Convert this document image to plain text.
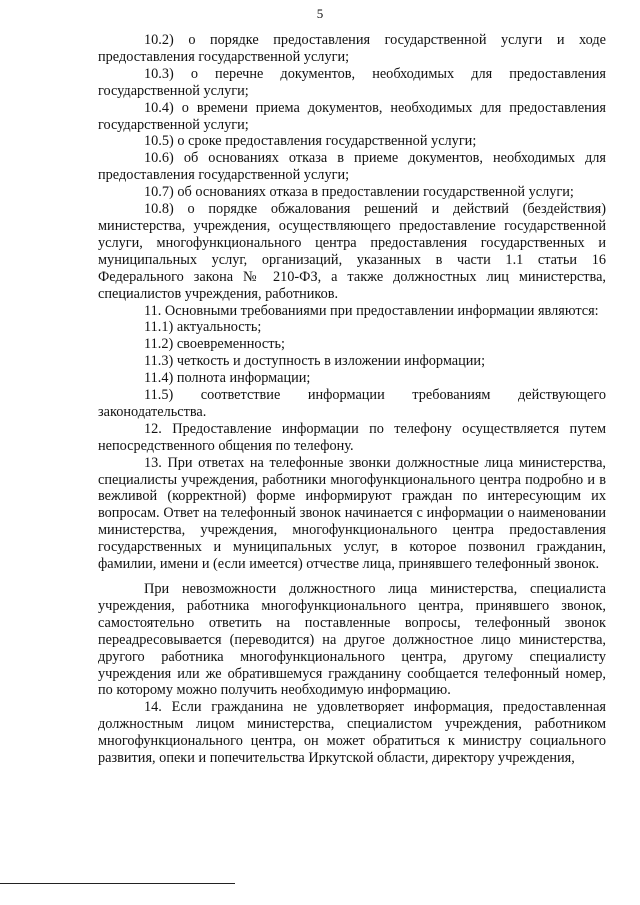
5

10.2) о порядке предоставления государственной услуги и ходе предоставления государственной услуги;

10.3) о перечне документов, необходимых для предоставления государственной услуги;

10.4) о времени приема документов, необходимых для предоставления государственной услуги;

10.5) о сроке предоставления государственной услуги;

10.6) об основаниях отказа в приеме документов, необходимых для предоставления государственной услуги;

10.7) об основаниях отказа в предоставлении государственной услуги;

10.8) о порядке обжалования решений и действий (бездействия) министерства, учреждения, осуществляющего предоставление государственной услуги, многофункционального центра предоставления государственных и муниципальных услуг, организаций, указанных в части 1.1 статьи 16 Федерального закона № 210-ФЗ, а также должностных лиц министерства, специалистов учреждения, работников.

11. Основными требованиями при предоставлении информации являются:

11.1) актуальность;

11.2) своевременность;

11.3) четкость и доступность в изложении информации;

11.4) полнота информации;

11.5) соответствие информации требованиям действующего законодательства.

12. Предоставление информации по телефону осуществляется путем непосредственного общения по телефону.

13. При ответах на телефонные звонки должностные лица министерства, специалисты учреждения, работники многофункционального центра подробно и в вежливой (корректной) форме информируют граждан по интересующим их вопросам. Ответ на телефонный звонок начинается с информации о наименовании министерства, учреждения, многофункционального центра предоставления государственных и муниципальных услуг, в которое позвонил гражданин, фамилии, имени и (если имеется) отчестве лица, принявшего телефонный звонок.

При невозможности должностного лица министерства, специалиста учреждения, работника многофункционального центра, принявшего звонок, самостоятельно ответить на поставленные вопросы, телефонный звонок переадресовывается (переводится) на другое должностное лицо министерства, другого работника многофункционального центра, другому специалисту учреждения или же обратившемуся гражданину сообщается телефонный номер, по которому можно получить необходимую информацию.

14. Если гражданина не удовлетворяет информация, предоставленная должностным лицом министерства, специалистом учреждения, работником многофункционального центра, он может обратиться к министру социального развития, опеки и попечительства Иркутской области, директору учреждения,
